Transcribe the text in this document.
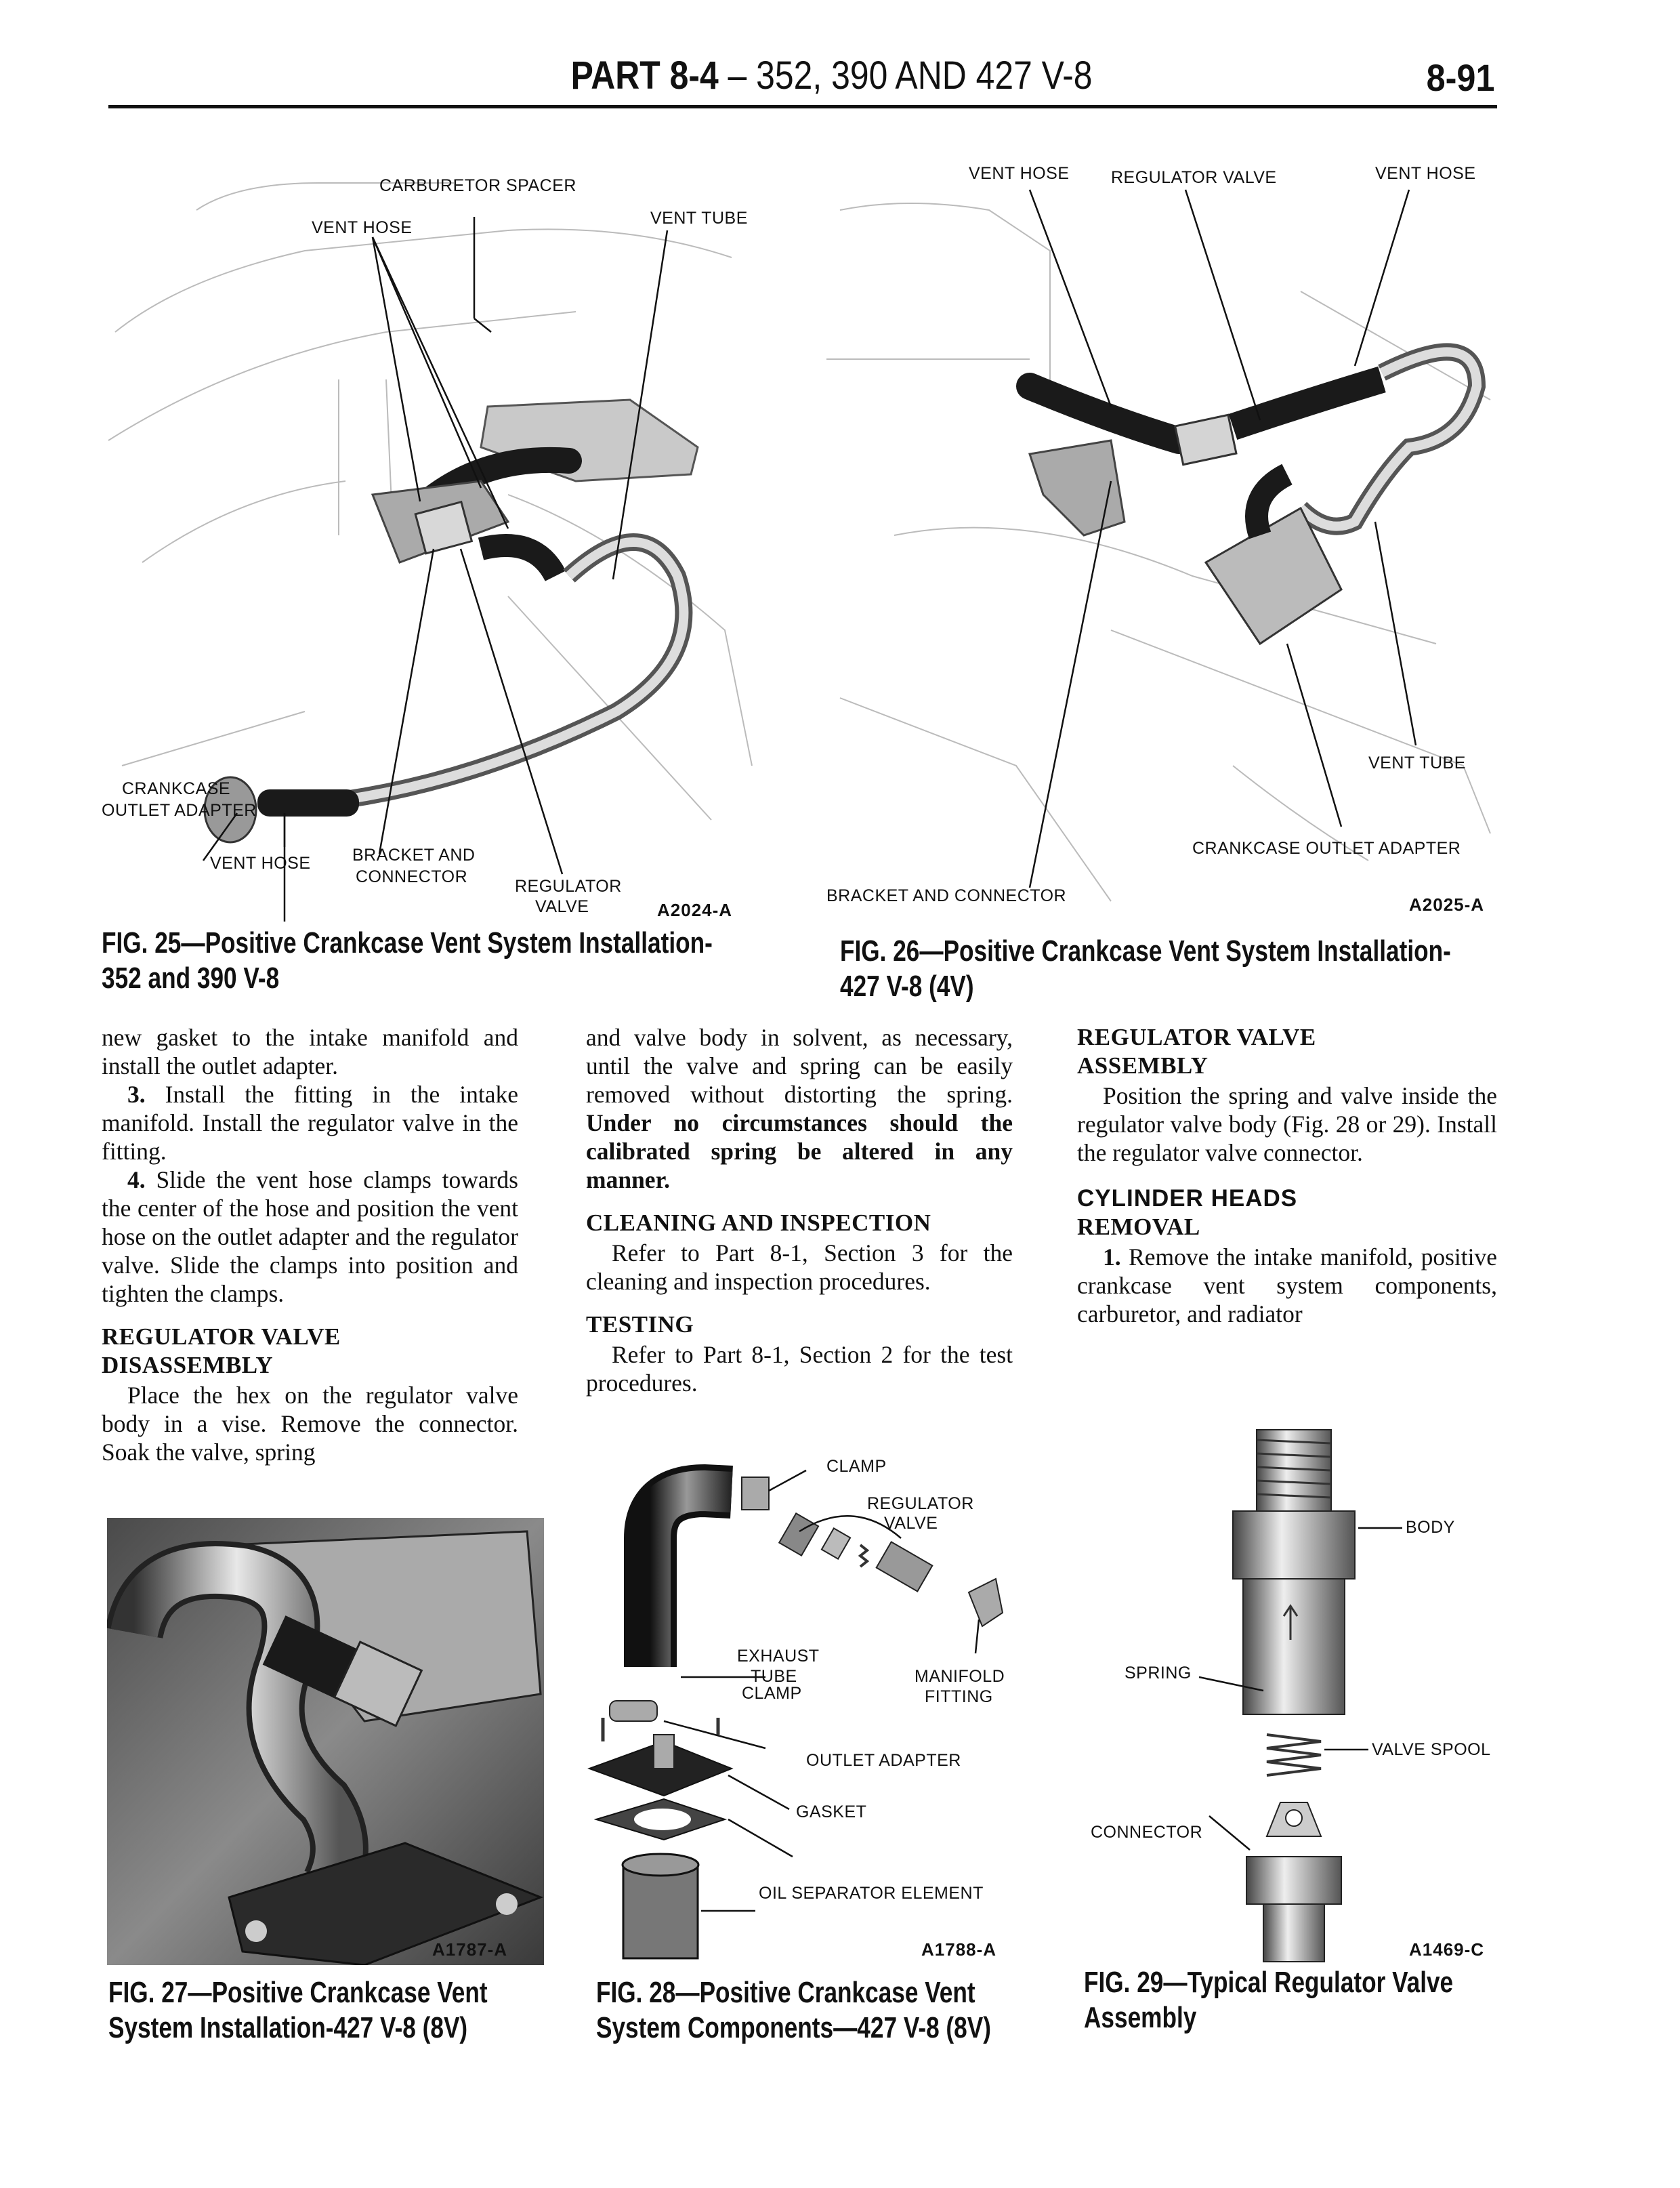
PART 8-4 – 352, 390 AND 427 V-8	8-91
CARBURETOR SPACER
VENT HOSE	VENT TUBE
CRANKCASE
OUTLET ADAPTER
VENT HOSE BRACKET AND
CONNECTOR	REGULATOR
VALVE	A2024-A
FIG. 25—Positive Crankcase Vent System Installation-
352 and 390 V-8
VENT HOSE REGULATOR VALVE	VENT HOSE
VENT TUBE
CRANKCASE OUTLET ADAPTER
BRACKET AND CONNECTOR	A2025-A
FIG. 26—Positive Crankcase Vent System Installation-
427 V-8 (4V)

new gasket to the intake manifold and install the outlet adapter.

3. Install the fitting in the intake manifold. Install the regulator valve in the fitting.

4. Slide the vent hose clamps towards the center of the hose and position the vent hose on the outlet adapter and the regulator valve. Slide the clamps into position and tighten the clamps.

REGULATOR VALVE
DISASSEMBLY

Place the hex on the regulator valve body in a vise. Remove the connector. Soak the valve, spring

and valve body in solvent, as necessary, until the valve and spring can be easily removed without distorting the spring. Under no circumstances should the calibrated spring be altered in any manner.

CLEANING AND INSPECTION

Refer to Part 8-1, Section 3 for the cleaning and inspection procedures.

TESTING

Refer to Part 8-1, Section 2 for the test procedures.

REGULATOR VALVE
ASSEMBLY

Position the spring and valve inside the regulator valve body (Fig. 28 or 29). Install the regulator valve connector.

CYLINDER HEADS
REMOVAL

1. Remove the intake manifold, positive crankcase vent system components, carburetor, and radiator

A1787-A
FIG. 27—Positive Crankcase Vent
System Installation-427 V-8 (8V)
CLAMP
REGULATOR
VALVE
EXHAUST
TUBE	MANIFOLD
FITTING
CLAMP
OUTLET ADAPTER
GASKET
OIL SEPARATOR ELEMENT
A1788-A
FIG. 28—Positive Crankcase Vent
System Components—427 V-8 (8V)
BODY
SPRING
VALVE SPOOL
CONNECTOR
A1469-C
FIG. 29—Typical Regulator Valve
Assembly
